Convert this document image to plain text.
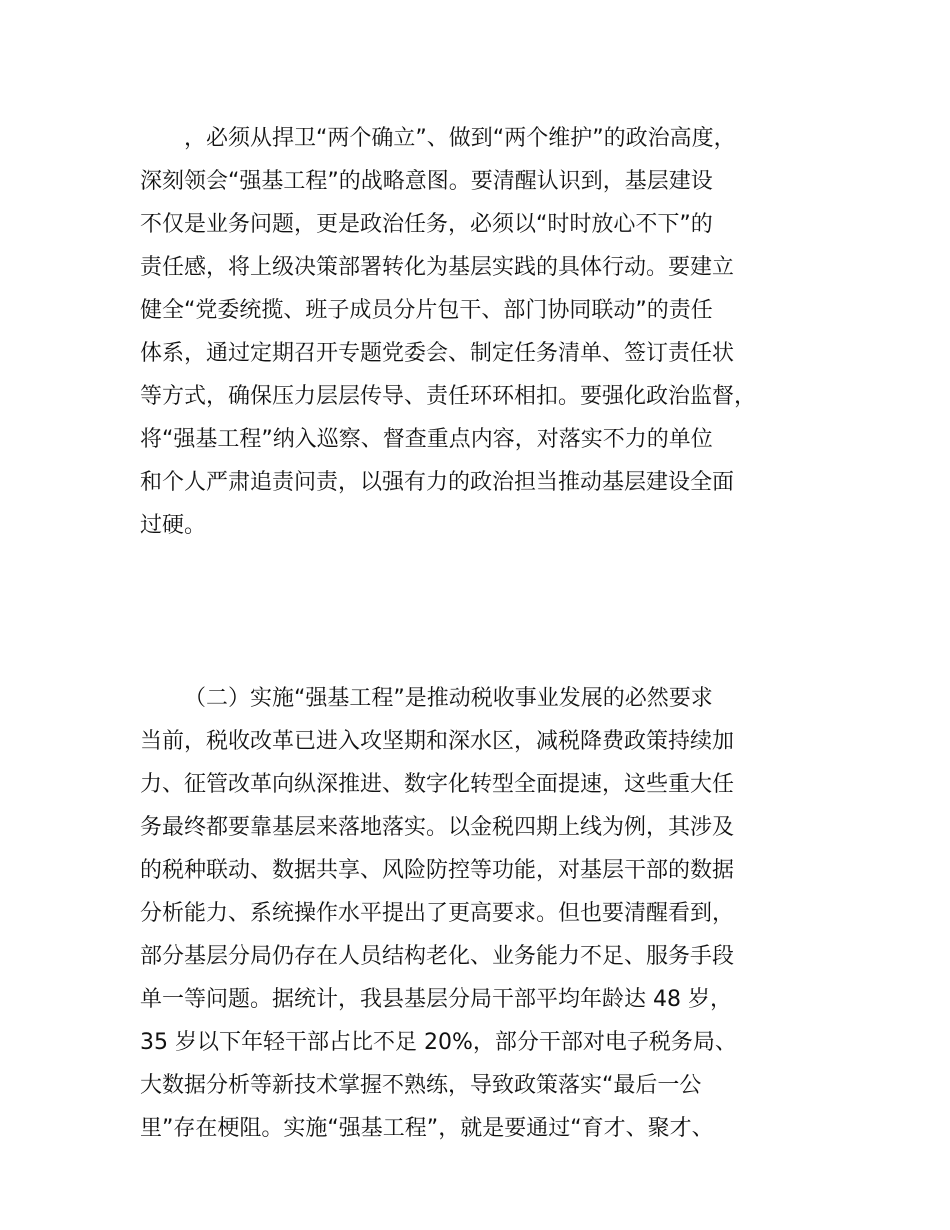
，必须从捍卫“两个确立”、做到“两个维护”的政治高度，
深刻领会“强基工程”的战略意图。要清醒认识到，基层建设
不仅是业务问题，更是政治任务，必须以“时时放心不下”的
责任感，将上级决策部署转化为基层实践的具体行动。要建立
健全“党委统揽、班子成员分片包干、部门协同联动”的责任
体系，通过定期召开专题党委会、制定任务清单、签订责任状
等方式，确保压力层层传导、责任环环相扣。要强化政治监督，
将“强基工程”纳入巡察、督查重点内容，对落实不力的单位
和个人严肃追责问责，以强有力的政治担当推动基层建设全面
过硬。
（二）实施“强基工程”是推动税收事业发展的必然要求
当前，税收改革已进入攻坚期和深水区，减税降费政策持续加
力、征管改革向纵深推进、数字化转型全面提速，这些重大任
务最终都要靠基层来落地落实。以金税四期上线为例，其涉及
的税种联动、数据共享、风险防控等功能，对基层干部的数据
分析能力、系统操作水平提出了更高要求。但也要清醒看到，
部分基层分局仍存在人员结构老化、业务能力不足、服务手段
单一等问题。据统计，我县基层分局干部平均年龄达 48 岁，
35 岁以下年轻干部占比不足 20%，部分干部对电子税务局、
大数据分析等新技术掌握不熟练，导致政策落实“最后一公
里”存在梗阻。实施“强基工程”，就是要通过“育才、聚才、
